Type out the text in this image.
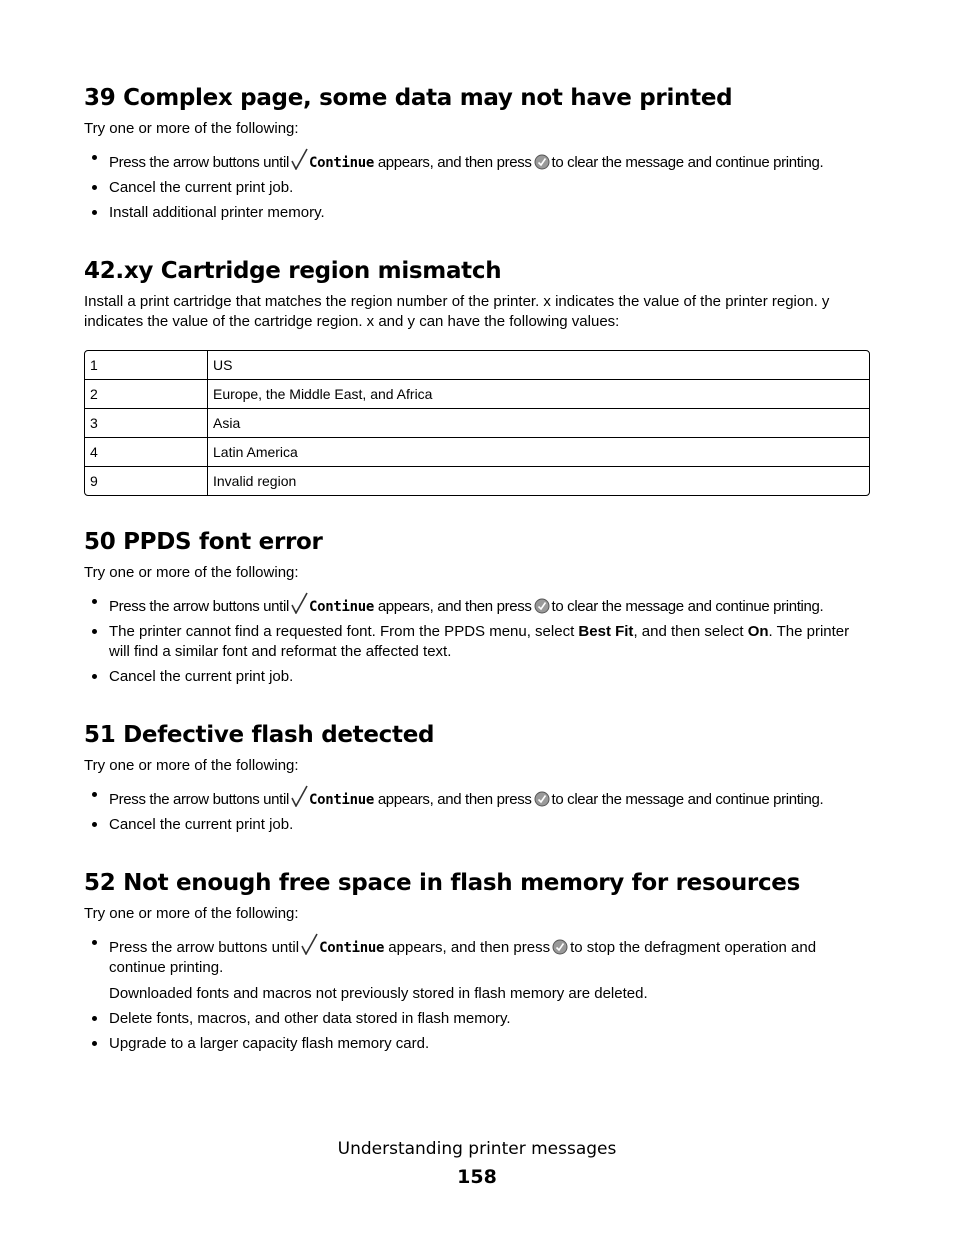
39 Complex page, some data may not have printed

Try one or more of the following:

Press the arrow buttons until Continue appears, and then press to clear the message and continue printing.
Cancel the current print job.
Install additional printer memory.
42.xy Cartridge region mismatch

Install a print cartridge that matches the region number of the printer. x indicates the value of the printer region. y indicates the value of the cartridge region. x and y can have the following values:

1	US
2	Europe, the Middle East, and Africa
3	Asia
4	Latin America
9	Invalid region
50 PPDS font error

Try one or more of the following:

Press the arrow buttons until Continue appears, and then press to clear the message and continue printing.
The printer cannot find a requested font. From the PPDS menu, select Best Fit, and then select On. The printer will find a similar font and reformat the affected text.
Cancel the current print job.
51 Defective flash detected

Try one or more of the following:

Press the arrow buttons until Continue appears, and then press to clear the message and continue printing.
Cancel the current print job.
52 Not enough free space in flash memory for resources

Try one or more of the following:

Press the arrow buttons until Continue appears, and then press to stop the defragment operation and continue printing.

Downloaded fonts and macros not previously stored in flash memory are deleted.

Delete fonts, macros, and other data stored in flash memory.
Upgrade to a larger capacity flash memory card.
Understanding printer messages
158
